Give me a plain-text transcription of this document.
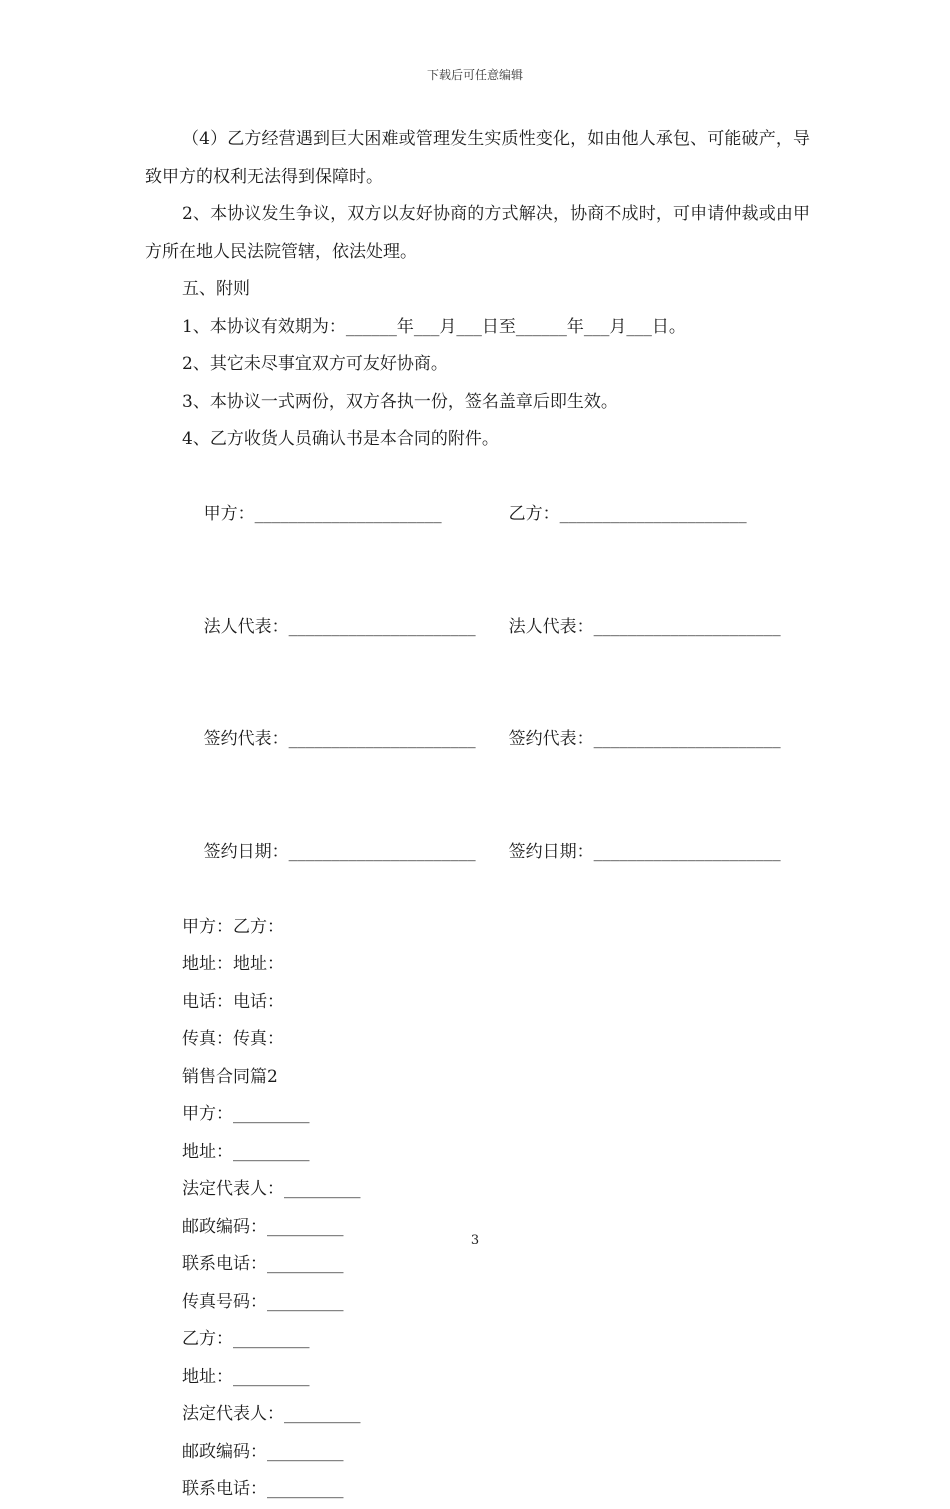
下载后可任意编辑

（4）乙方经营遇到巨大困难或管理发生实质性变化，如由他人承包、可能破产，导致甲方的权利无法得到保障时。

2、本协议发生争议，双方以友好协商的方式解决，协商不成时，可申请仲裁或由甲方所在地人民法院管辖，依法处理。

五、附则

1、本协议有效期为：______年___月___日至______年___月___日。

2、其它未尽事宜双方可友好协商。

3、本协议一式两份，双方各执一份，签名盖章后即生效。

4、乙方收货人员确认书是本合同的附件。

甲方：______________________	乙方：______________________

法人代表：______________________ 法人代表：______________________

签约代表：______________________ 签约代表：______________________

签约日期：______________________ 签约日期：______________________

甲方：乙方：

地址：地址：

电话：电话：

传真：传真：

销售合同篇2

甲方：_________

地址：_________

法定代表人：_________

邮政编码：_________

联系电话：_________

传真号码：_________

乙方：_________

地址：_________

法定代表人：_________

邮政编码：_________

联系电话：_________

3
